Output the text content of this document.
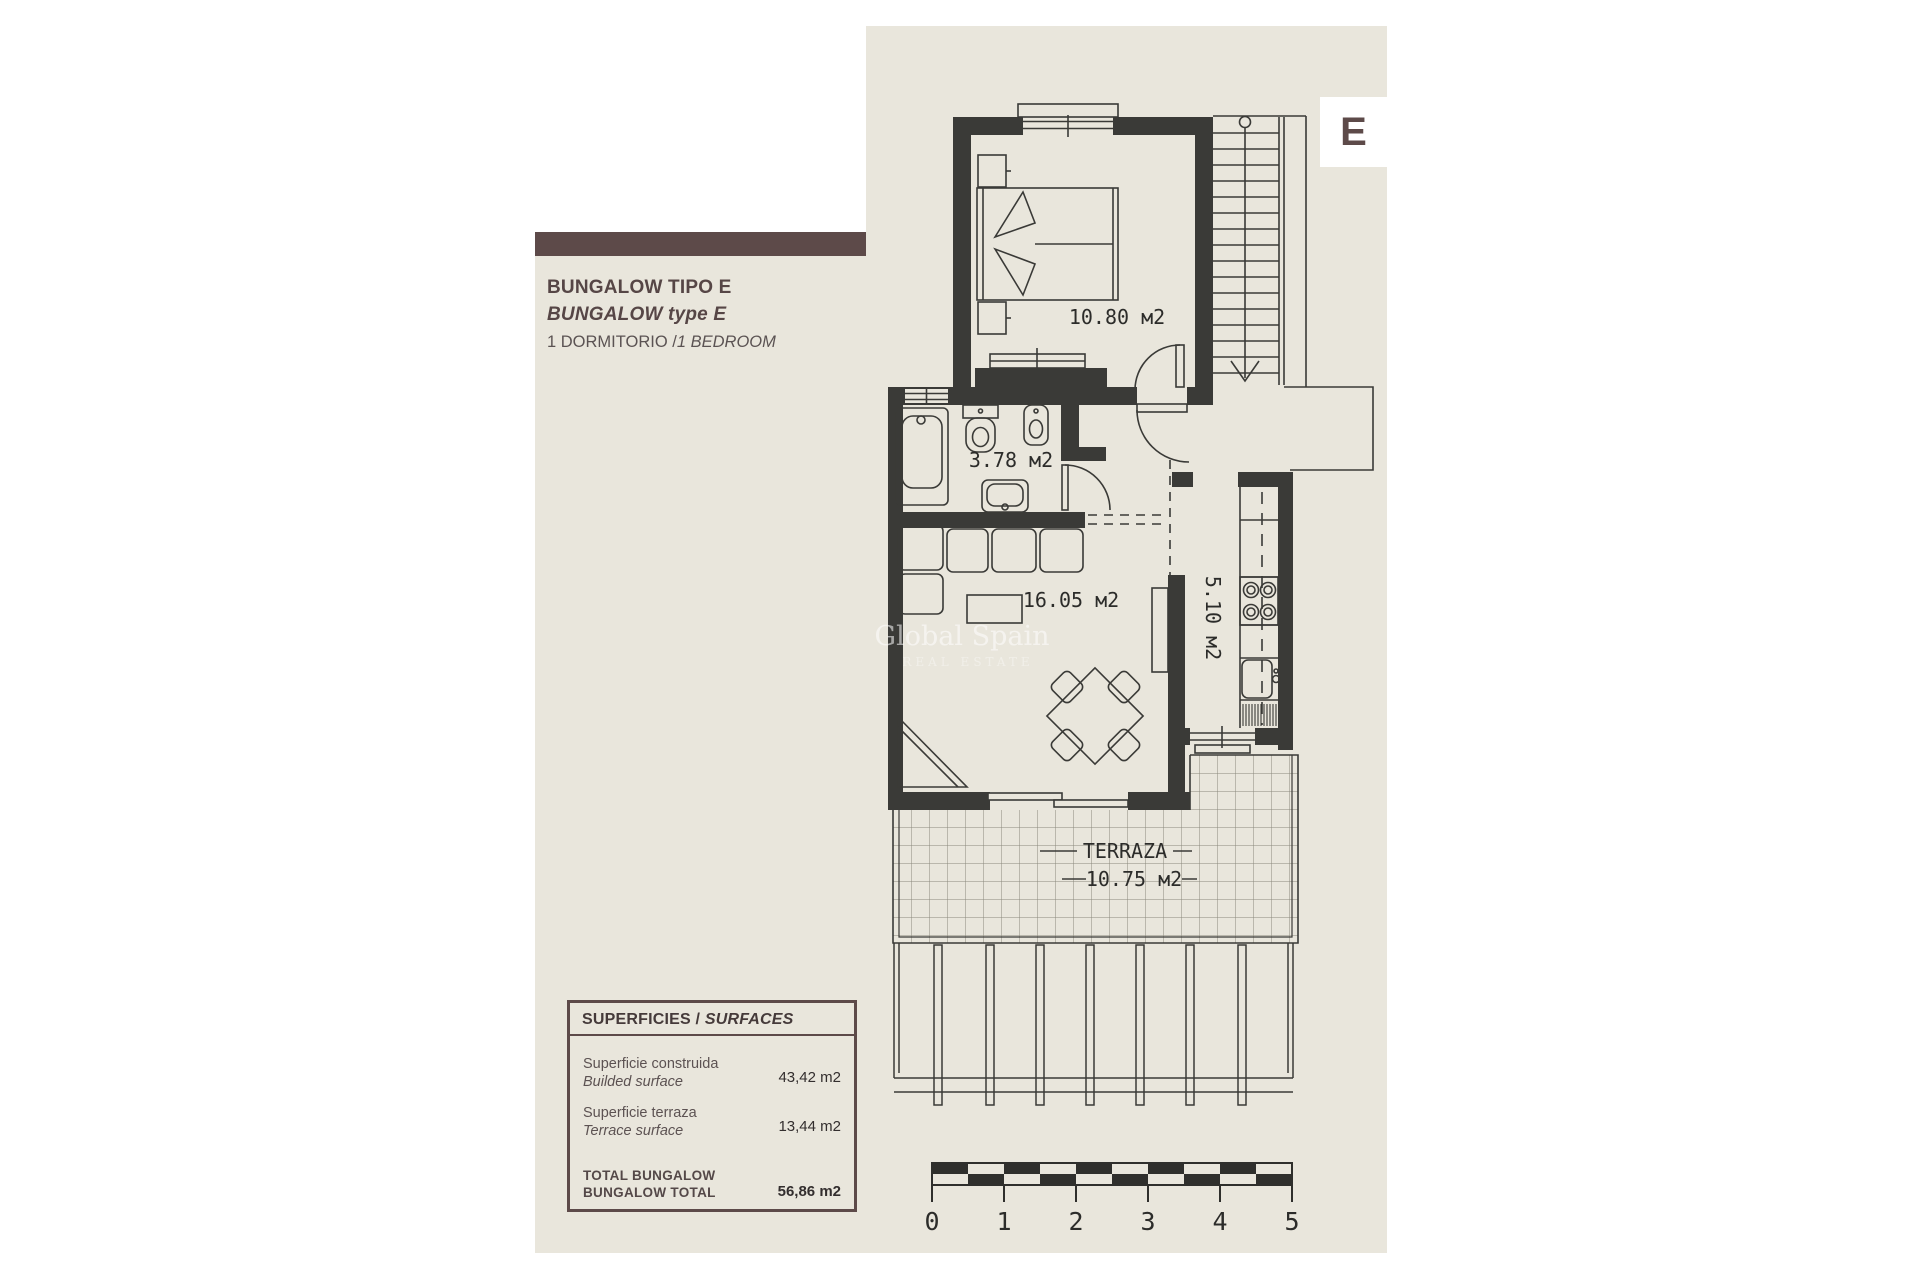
BUNGALOW TIPO E
BUNGALOW type E
1 DORMITORIO /1 BEDROOM
E
SUPERFICIES / SURFACES
Superficie construida
Builded surface	43,42 m2
Superficie terraza
Terrace surface	13,44 m2
TOTAL BUNGALOW
BUNGALOW TOTAL	56,86 m2
10.80 м2
3.78 м2
16.05 м2
Global Spain
REAL ESTATE
5.10 м2
TERRAZA
10.75 м2
0 1 2 3 4 5
